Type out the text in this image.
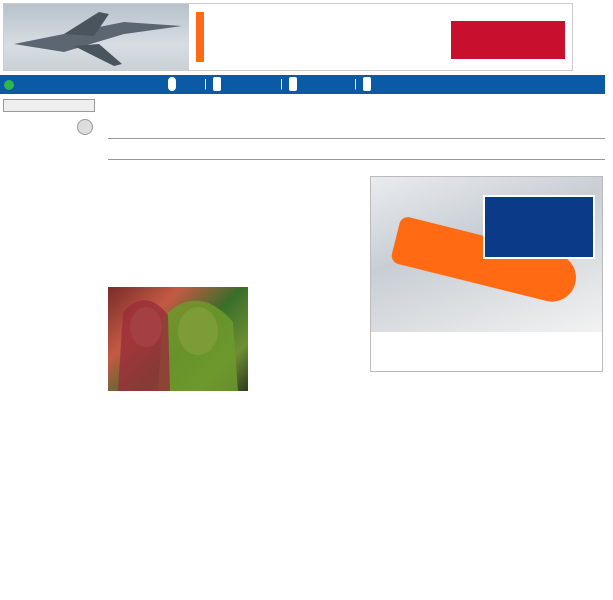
|	|	|
